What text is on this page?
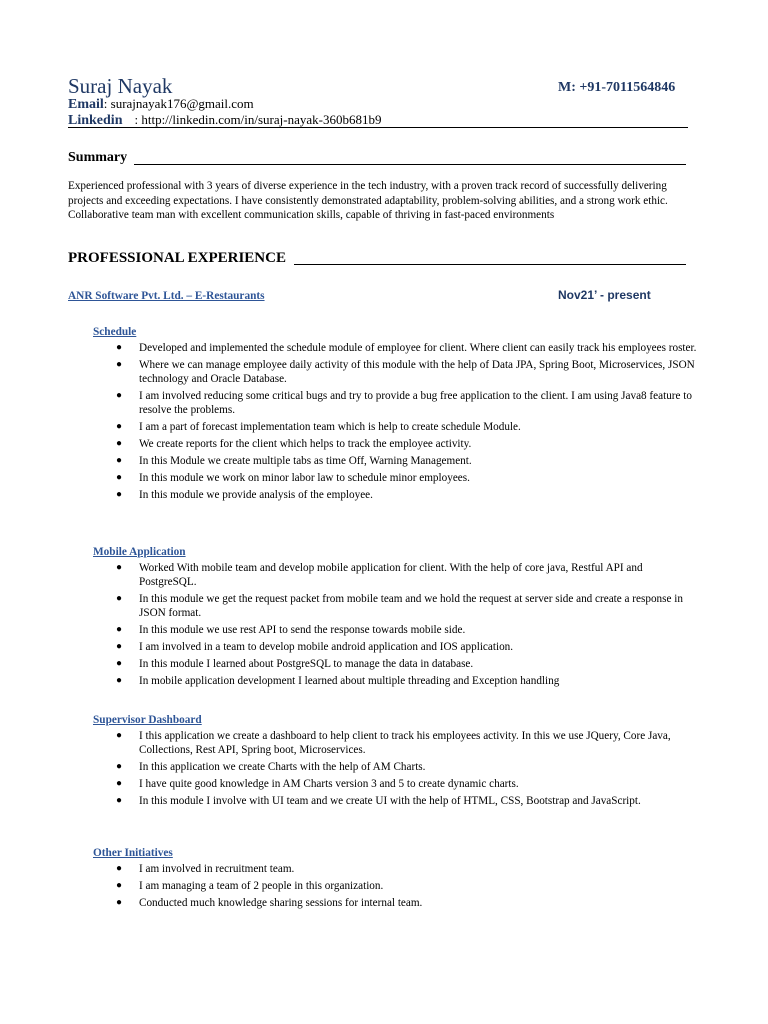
Suraj Nayak	M: +91-7011564846
Email: surajnayak176@gmail.com
Linkedin : http://linkedin.com/in/suraj-nayak-360b681b9
Summary
Experienced professional with 3 years of diverse experience in the tech industry, with a proven track record of successfully delivering projects and exceeding expectations. I have consistently demonstrated adaptability, problem-solving abilities, and a strong work ethic. Collaborative team man with excellent communication skills, capable of thriving in fast-paced environments
PROFESSIONAL EXPERIENCE
ANR Software Pvt. Ltd. – E-Restaurants	Nov21’ - present
Schedule
● Developed and implemented the schedule module of employee for client. Where client can easily track his employees roster.
● Where we can manage employee daily activity of this module with the help of Data JPA, Spring Boot, Microservices, JSON technology and Oracle Database.
● I am involved reducing some critical bugs and try to provide a bug free application to the client. I am using Java8 feature to resolve the problems.
● I am a part of forecast implementation team which is help to create schedule Module.
● We create reports for the client which helps to track the employee activity.
● In this Module we create multiple tabs as time Off, Warning Management.
● In this module we work on minor labor law to schedule minor employees.
● In this module we provide analysis of the employee.
Mobile Application
● Worked With mobile team and develop mobile application for client. With the help of core java, Restful API and PostgreSQL.
● In this module we get the request packet from mobile team and we hold the request at server side and create a response in JSON format.
● In this module we use rest API to send the response towards mobile side.
● I am involved in a team to develop mobile android application and IOS application.
● In this module I learned about PostgreSQL to manage the data in database.
● In mobile application development I learned about multiple threading and Exception handling
Supervisor Dashboard
● I this application we create a dashboard to help client to track his employees activity. In this we use JQuery, Core Java, Collections, Rest API, Spring boot, Microservices.
● In this application we create Charts with the help of AM Charts.
● I have quite good knowledge in AM Charts version 3 and 5 to create dynamic charts.
● In this module I involve with UI team and we create UI with the help of HTML, CSS, Bootstrap and JavaScript.
Other Initiatives
● I am involved in recruitment team.
● I am managing a team of 2 people in this organization.
● Conducted much knowledge sharing sessions for internal team.
